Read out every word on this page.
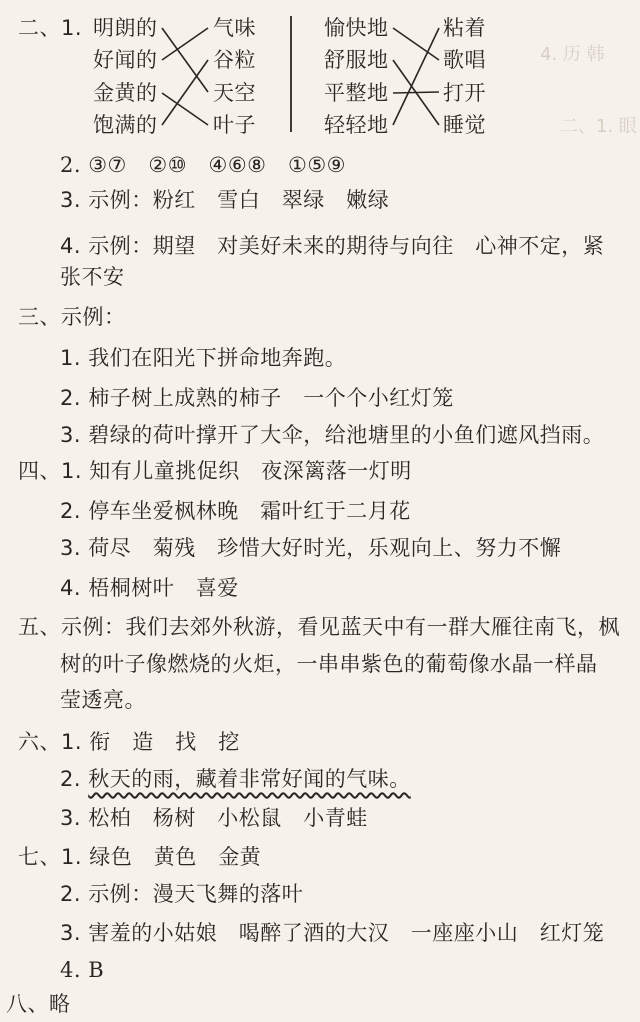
4. 历 韩
二、1. 眼
二、1. 明朗的
好闻的
金黄的
饱满的
气味
谷粒
天空
叶子
愉快地
舒服地
平整地
轻轻地
粘着
歌唱
打开
睡觉
2. ③⑦　②⑩　④⑥⑧　①⑤⑨
3. 示例：粉红　雪白　翠绿　嫩绿
4. 示例：期望　对美好未来的期待与向往　心神不定，紧
张不安
三、示例：
1. 我们在阳光下拼命地奔跑。
2. 柿子树上成熟的柿子　一个个小红灯笼
3. 碧绿的荷叶撑开了大伞，给池塘里的小鱼们遮风挡雨。
四、1. 知有儿童挑促织　夜深篱落一灯明
2. 停车坐爱枫林晚　霜叶红于二月花
3. 荷尽　菊残　珍惜大好时光，乐观向上、努力不懈
4. 梧桐树叶　喜爱
五、示例：我们去郊外秋游，看见蓝天中有一群大雁往南飞，枫
树的叶子像燃烧的火炬，一串串紫色的葡萄像水晶一样晶
莹透亮。
六、1. 衔　造　找　挖
2. 秋天的雨，藏着非常好闻的气味。
3. 松柏　杨树　小松鼠　小青蛙
七、1. 绿色　黄色　金黄
2. 示例：漫天飞舞的落叶
3. 害羞的小姑娘　喝醉了酒的大汉　一座座小山　红灯笼
4. B
八、略
